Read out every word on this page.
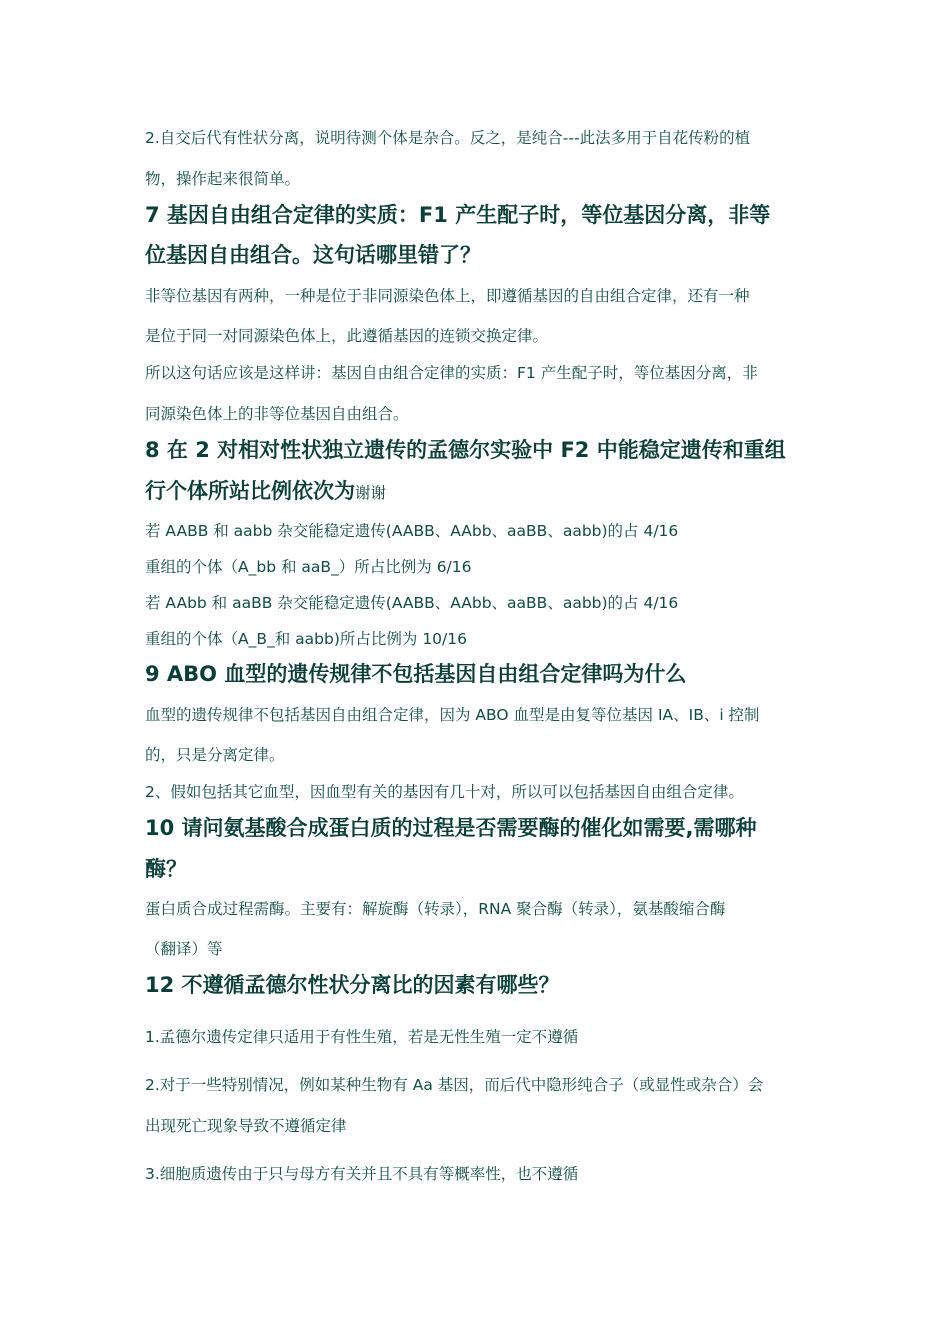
2.自交后代有性状分离，说明待测个体是杂合。反之，是纯合---此法多用于自花传粉的植
物，操作起来很简单。
7 基因自由组合定律的实质：F1 产生配子时，等位基因分离，非等
位基因自由组合。这句话哪里错了？
非等位基因有两种，一种是位于非同源染色体上，即遵循基因的自由组合定律，还有一种
是位于同一对同源染色体上，此遵循基因的连锁交换定律。
所以这句话应该是这样讲：基因自由组合定律的实质：F1 产生配子时，等位基因分离，非
同源染色体上的非等位基因自由组合。
8 在 2 对相对性状独立遗传的孟德尔实验中 F2 中能稳定遗传和重组
行个体所站比例依次为谢谢
若 AABB 和 aabb 杂交能稳定遗传(AABB、AAbb、aaBB、aabb)的占 4/16
重组的个体（A_bb 和 aaB_）所占比例为 6/16
若 AAbb 和 aaBB 杂交能稳定遗传(AABB、AAbb、aaBB、aabb)的占 4/16
重组的个体（A_B_和 aabb)所占比例为 10/16
9 ABO 血型的遗传规律不包括基因自由组合定律吗为什么
血型的遗传规律不包括基因自由组合定律，因为 ABO 血型是由复等位基因 IA、IB、i 控制
的，只是分离定律。
2、假如包括其它血型，因血型有关的基因有几十对，所以可以包括基因自由组合定律。
10 请问氨基酸合成蛋白质的过程是否需要酶的催化如需要,需哪种
酶？
蛋白质合成过程需酶。主要有：解旋酶（转录），RNA 聚合酶（转录），氨基酸缩合酶
（翻译）等
12 不遵循孟德尔性状分离比的因素有哪些？
1.孟德尔遗传定律只适用于有性生殖，若是无性生殖一定不遵循
2.对于一些特别情况，例如某种生物有 Aa 基因，而后代中隐形纯合子（或显性或杂合）会
出现死亡现象导致不遵循定律
3.细胞质遗传由于只与母方有关并且不具有等概率性，也不遵循
